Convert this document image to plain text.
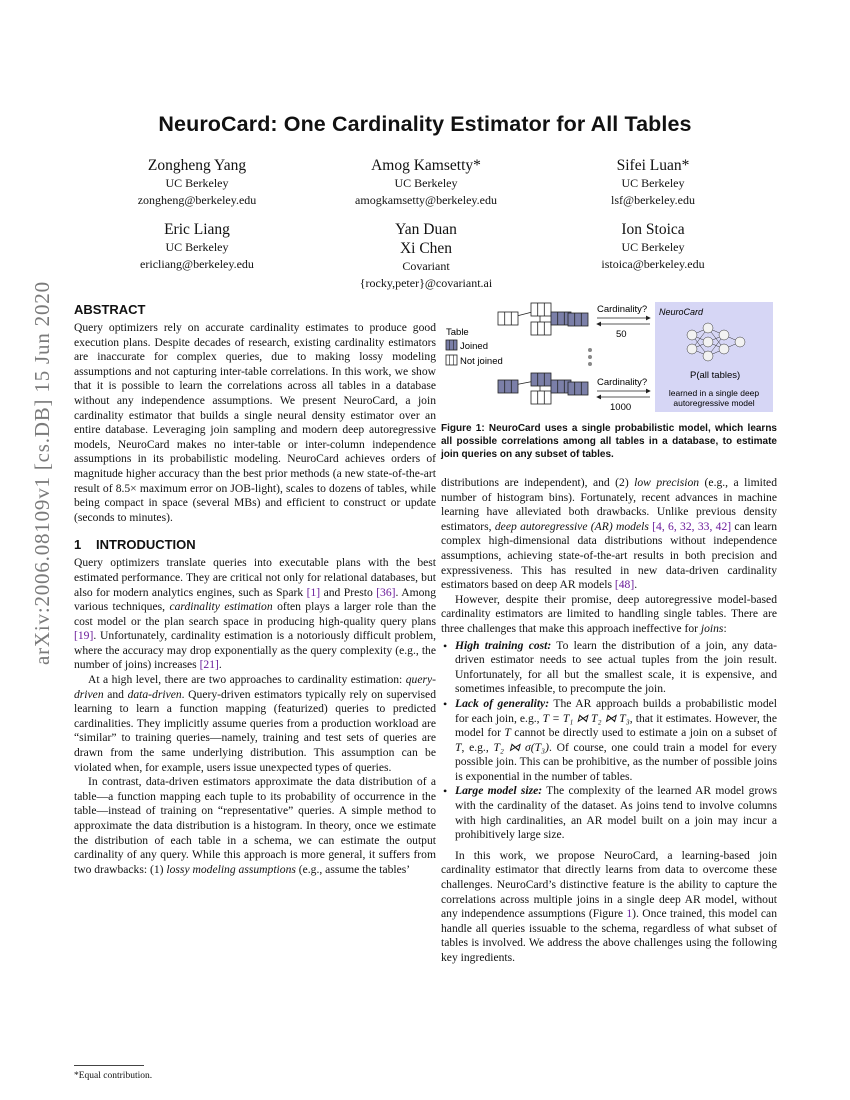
NeuroCard: One Cardinality Estimator for All Tables
Zongheng Yang
UC Berkeley
zongheng@berkeley.edu
Amog Kamsetty*
UC Berkeley
amogkamsetty@berkeley.edu
Sifei Luan*
UC Berkeley
lsf@berkeley.edu
Eric Liang
UC Berkeley
ericliang@berkeley.edu
Yan Duan
Xi Chen
Covariant
{rocky,peter}@covariant.ai
Ion Stoica
UC Berkeley
istoica@berkeley.edu
arXiv:2006.08109v1 [cs.DB] 15 Jun 2020 ABSTRACT

Query optimizers rely on accurate cardinality estimates to produce good execution plans. Despite decades of research, existing cardinality estimators are inaccurate for complex queries, due to making lossy modeling assumptions and not capturing inter-table correlations. In this work, we show that it is possible to learn the correlations across all tables in a database without any independence assumptions. We present NeuroCard, a join cardinality estimator that builds a single neural density estimator over an entire database. Leveraging join sampling and modern deep autoregressive models, NeuroCard makes no inter-table or inter-column independence assumptions in its probabilistic modeling. NeuroCard achieves orders of magnitude higher accuracy than the best prior methods (a new state-of-the-art result of 8.5× maximum error on JOB-light), scales to dozens of tables, while being compact in space (several MBs) and efficient to construct or update (seconds to minutes).

1 INTRODUCTION

Query optimizers translate queries into executable plans with the best estimated performance. They are critical not only for relational databases, but also for modern analytics engines, such as Spark [1] and Presto [36]. Among various techniques, cardinality estimation often plays a larger role than the cost model or the plan search space in producing high-quality query plans [19]. Unfortunately, cardinality estimation is a notoriously difficult problem, where the accuracy may drop exponentially as the query complexity (e.g., the number of joins) increases [21].

At a high level, there are two approaches to cardinality estimation: query-driven and data-driven. Query-driven estimators typically rely on supervised learning to learn a function mapping (featurized) queries to predicted cardinalities. They implicitly assume queries from a production workload are “similar” to training queries—namely, training and test sets of queries are drawn from the same underlying distribution. This assumption can be violated when, for example, users issue unexpected types of queries.

In contrast, data-driven estimators approximate the data distribution of a table—a function mapping each tuple to its probability of occurrence in the table—instead of training on “representative” queries. A simple method to approximate the data distribution is a histogram. In theory, once we estimate the distribution of each table in a schema, we can estimate the output cardinality of any query. While this approach is more general, it suffers from two drawbacks: (1) lossy modeling assumptions (e.g., assume the tables’

*Equal contribution.
Table
Joined
Not joined
Cardinality?
50
Cardinality?
1000
NeuroCard
P(all tables)
learned in a single deep
autoregressive model
Figure 1: NeuroCard uses a single probabilistic model, which learns all possible correlations among all tables in a database, to estimate join queries on any subset of tables.

distributions are independent), and (2) low precision (e.g., a limited number of histogram bins). Fortunately, recent advances in machine learning have alleviated both drawbacks. Unlike previous density estimators, deep autoregressive (AR) models [4, 6, 32, 33, 42] can learn complex high-dimensional data distributions without independence assumptions, achieving state-of-the-art results in both precision and expressiveness. This has resulted in new data-driven cardinality estimators based on deep AR models [48].

However, despite their promise, deep autoregressive model-based cardinality estimators are limited to handling single tables. There are three challenges that make this approach ineffective for joins:

• High training cost: To learn the distribution of a join, any data-driven estimator needs to see actual tuples from the join result. Unfortunately, for all but the smallest scale, it is expensive, and sometimes infeasible, to precompute the join.
• Lack of generality: The AR approach builds a probabilistic model for each join, e.g., T = T₁ ⋈ T₂ ⋈ T₃, that it estimates. However, the model for T cannot be directly used to estimate a join on a subset of T, e.g., T₂ ⋈ σ(T₃). Of course, one could train a model for every possible join. This can be prohibitive, as the number of possible joins is exponential in the number of tables.
• Large model size: The complexity of the learned AR model grows with the cardinality of the dataset. As joins tend to involve columns with high cardinalities, an AR model built on a join may incur a prohibitively large size.

In this work, we propose NeuroCard, a learning-based join cardinality estimator that directly learns from data to overcome these challenges. NeuroCard’s distinctive feature is the ability to capture the correlations across multiple joins in a single deep AR model, without any independence assumptions (Figure 1). Once trained, this model can handle all queries issuable to the schema, regardless of what subset of tables is involved. We address the above challenges using the following key ingredients.
